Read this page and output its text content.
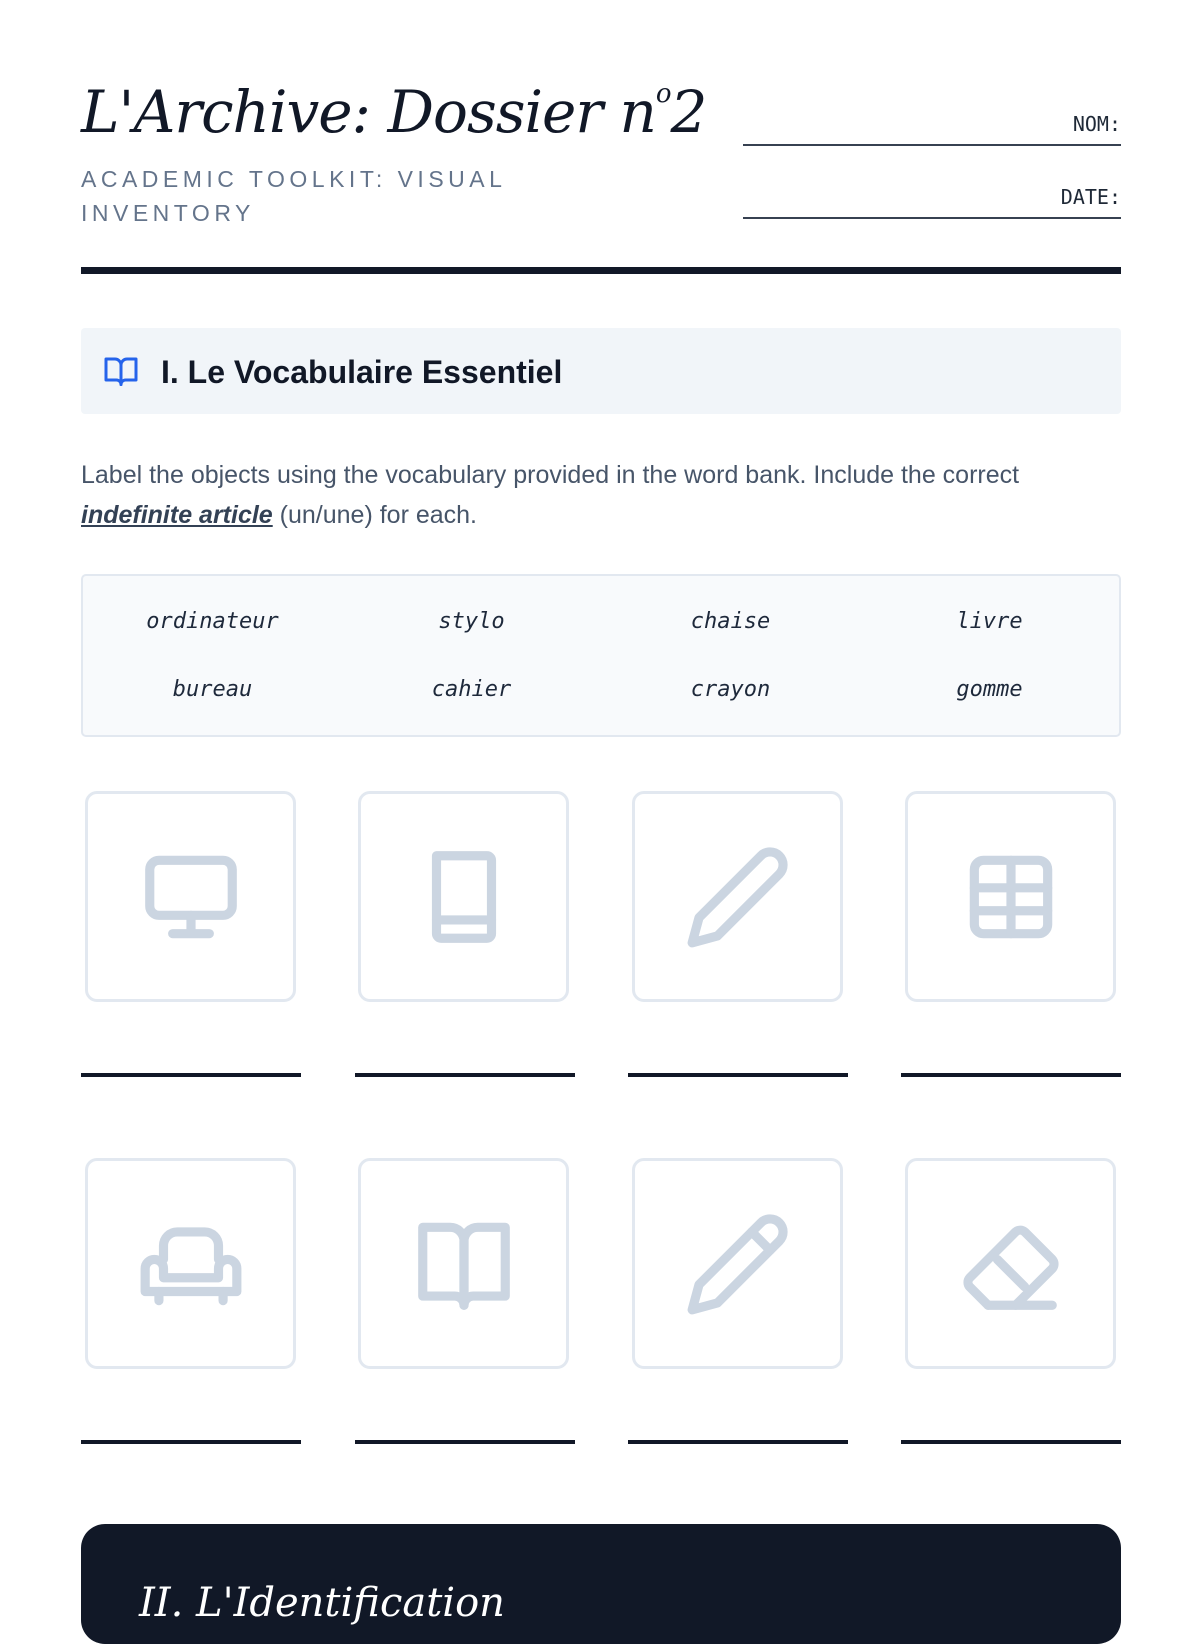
L'Archive: Dossier $n^o2$
ACADEMIC TOOLKIT: VISUAL INVENTORY
NOM:
DATE:
I. Le Vocabulaire Essentiel

Label the objects using the vocabulary provided in the word bank. Include the correct indefinite article (un/une) for each.

ordinateur	stylo	chaise	livre
bureau	cahier	crayon	gomme
II. L'Identification
